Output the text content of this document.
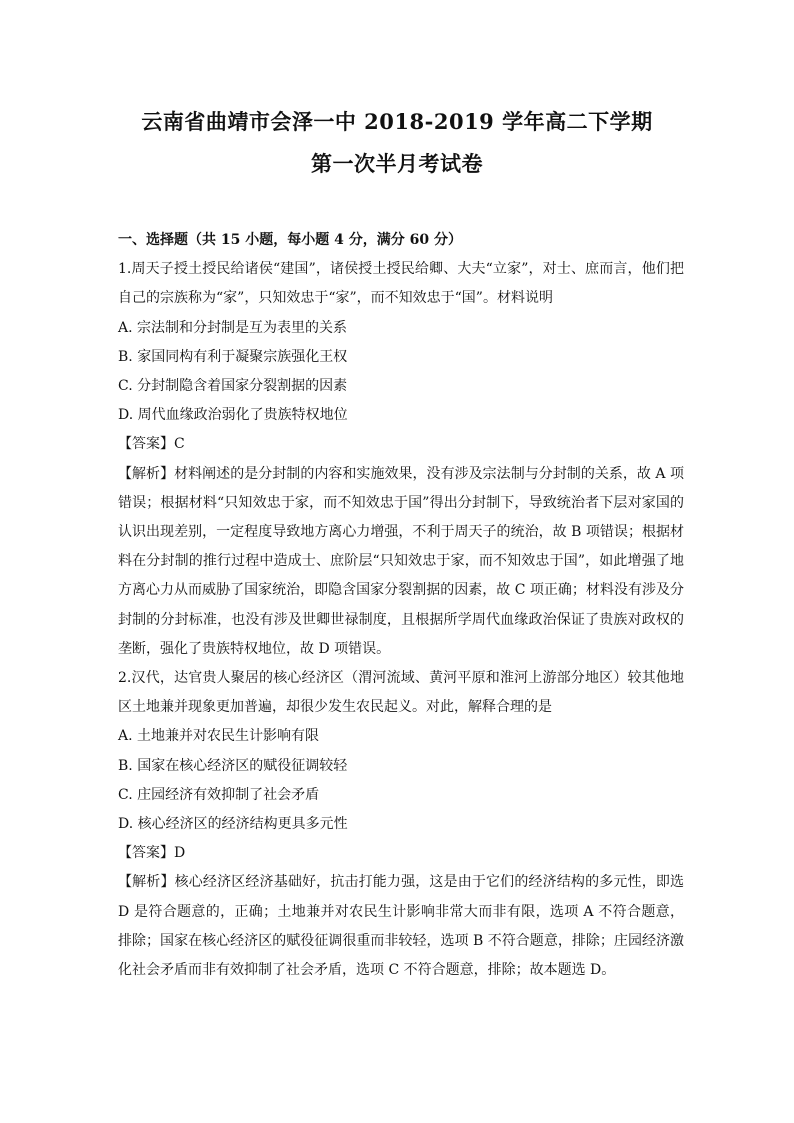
云南省曲靖市会泽一中 2018-2019 学年高二下学期
第一次半月考试卷
一、选择题（共 15 小题，每小题 4 分，满分 60 分）
1.周天子授土授民给诸侯“建国”，诸侯授土授民给卿、大夫“立家”，对士、庶而言，他们把自己的宗族称为“家”，只知效忠于“家”，而不知效忠于“国”。材料说明
A. 宗法制和分封制是互为表里的关系
B. 家国同构有利于凝聚宗族强化王权
C. 分封制隐含着国家分裂割据的因素
D. 周代血缘政治弱化了贵族特权地位
【答案】C
【解析】材料阐述的是分封制的内容和实施效果，没有涉及宗法制与分封制的关系，故 A 项错误；根据材料“只知效忠于家，而不知效忠于国”得出分封制下，导致统治者下层对家国的认识出现差别，一定程度导致地方离心力增强，不利于周天子的统治，故 B 项错误；根据材料在分封制的推行过程中造成士、庶阶层“只知效忠于家，而不知效忠于国”，如此增强了地方离心力从而威胁了国家统治，即隐含国家分裂割据的因素，故 C 项正确；材料没有涉及分封制的分封标准，也没有涉及世卿世禄制度，且根据所学周代血缘政治保证了贵族对政权的垄断，强化了贵族特权地位，故 D 项错误。
2.汉代，达官贵人聚居的核心经济区（渭河流域、黄河平原和淮河上游部分地区）较其他地区土地兼并现象更加普遍，却很少发生农民起义。对此，解释合理的是
A. 土地兼并对农民生计影响有限
B. 国家在核心经济区的赋役征调较轻
C. 庄园经济有效抑制了社会矛盾
D. 核心经济区的经济结构更具多元性
【答案】D
【解析】核心经济区经济基础好，抗击打能力强，这是由于它们的经济结构的多元性，即选 D 是符合题意的，正确；土地兼并对农民生计影响非常大而非有限，选项 A 不符合题意，排除；国家在核心经济区的赋役征调很重而非较轻，选项 B 不符合题意，排除；庄园经济激化社会矛盾而非有效抑制了社会矛盾，选项 C 不符合题意，排除；故本题选 D。
